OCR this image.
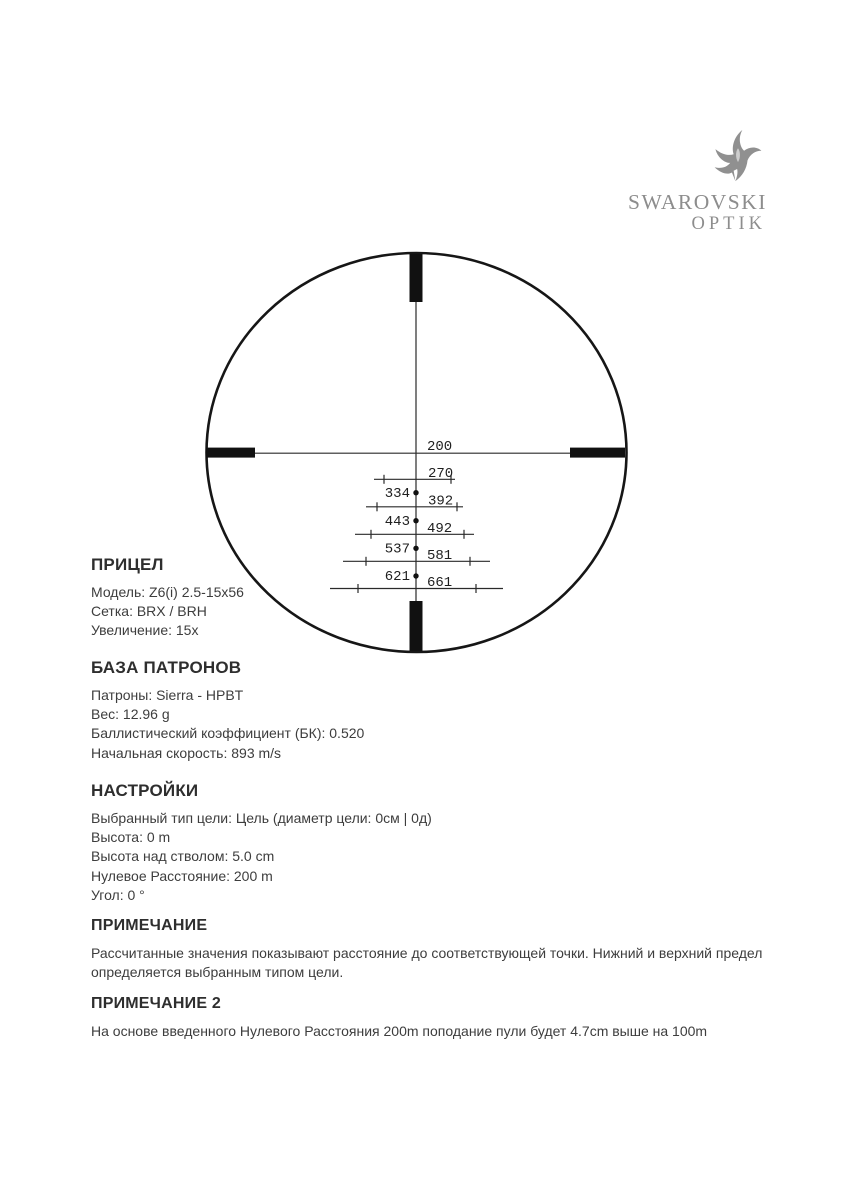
SWAROVSKI
OPTIK
200
270
392
492
581
661
334
443
537
621
ПРИЦЕЛ
Модель: Z6(i) 2.5-15x56
Сетка: BRX / BRH
Увеличение: 15x
БАЗА ПАТРОНОВ
Патроны: Sierra - HPBT
Вес: 12.96 g
Баллистический коэффициент (БК): 0.520
Начальная скорость: 893 m/s
НАСТРОЙКИ
Выбранный тип цели: Цель (диаметр цели: 0см | 0д)
Высота: 0 m
Высота над стволом: 5.0 cm
Нулевое Расстояние: 200 m
Угол: 0 °
ПРИМЕЧАНИЕ
Рассчитанные значения показывают расстояние до соответствующей точки. Нижний и верхний предел определяется выбранным типом цели.
ПРИМЕЧАНИЕ 2
На основе введенного Нулевого Расстояния 200m поподание пули будет 4.7cm выше на 100m
